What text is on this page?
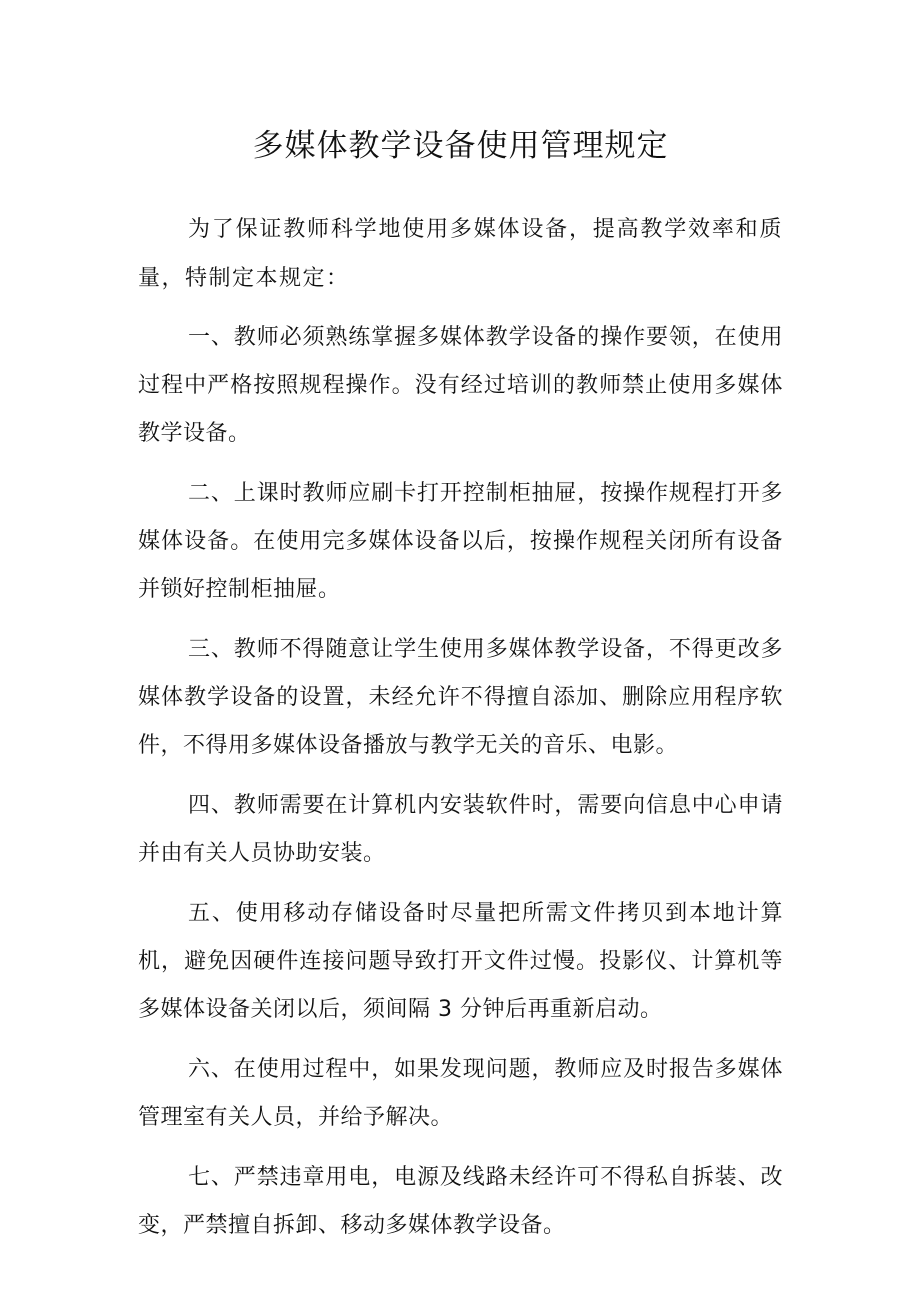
多媒体教学设备使用管理规定

为了保证教师科学地使用多媒体设备，提高教学效率和质量，特制定本规定：

一、教师必须熟练掌握多媒体教学设备的操作要领，在使用过程中严格按照规程操作。没有经过培训的教师禁止使用多媒体教学设备。

二、上课时教师应刷卡打开控制柜抽屉，按操作规程打开多媒体设备。在使用完多媒体设备以后，按操作规程关闭所有设备并锁好控制柜抽屉。

三、教师不得随意让学生使用多媒体教学设备，不得更改多媒体教学设备的设置，未经允许不得擅自添加、删除应用程序软件，不得用多媒体设备播放与教学无关的音乐、电影。

四、教师需要在计算机内安装软件时，需要向信息中心申请并由有关人员协助安装。

五、使用移动存储设备时尽量把所需文件拷贝到本地计算机，避免因硬件连接问题导致打开文件过慢。投影仪、计算机等多媒体设备关闭以后，须间隔 3 分钟后再重新启动。

六、在使用过程中，如果发现问题，教师应及时报告多媒体管理室有关人员，并给予解决。

七、严禁违章用电，电源及线路未经许可不得私自拆装、改变，严禁擅自拆卸、移动多媒体教学设备。
